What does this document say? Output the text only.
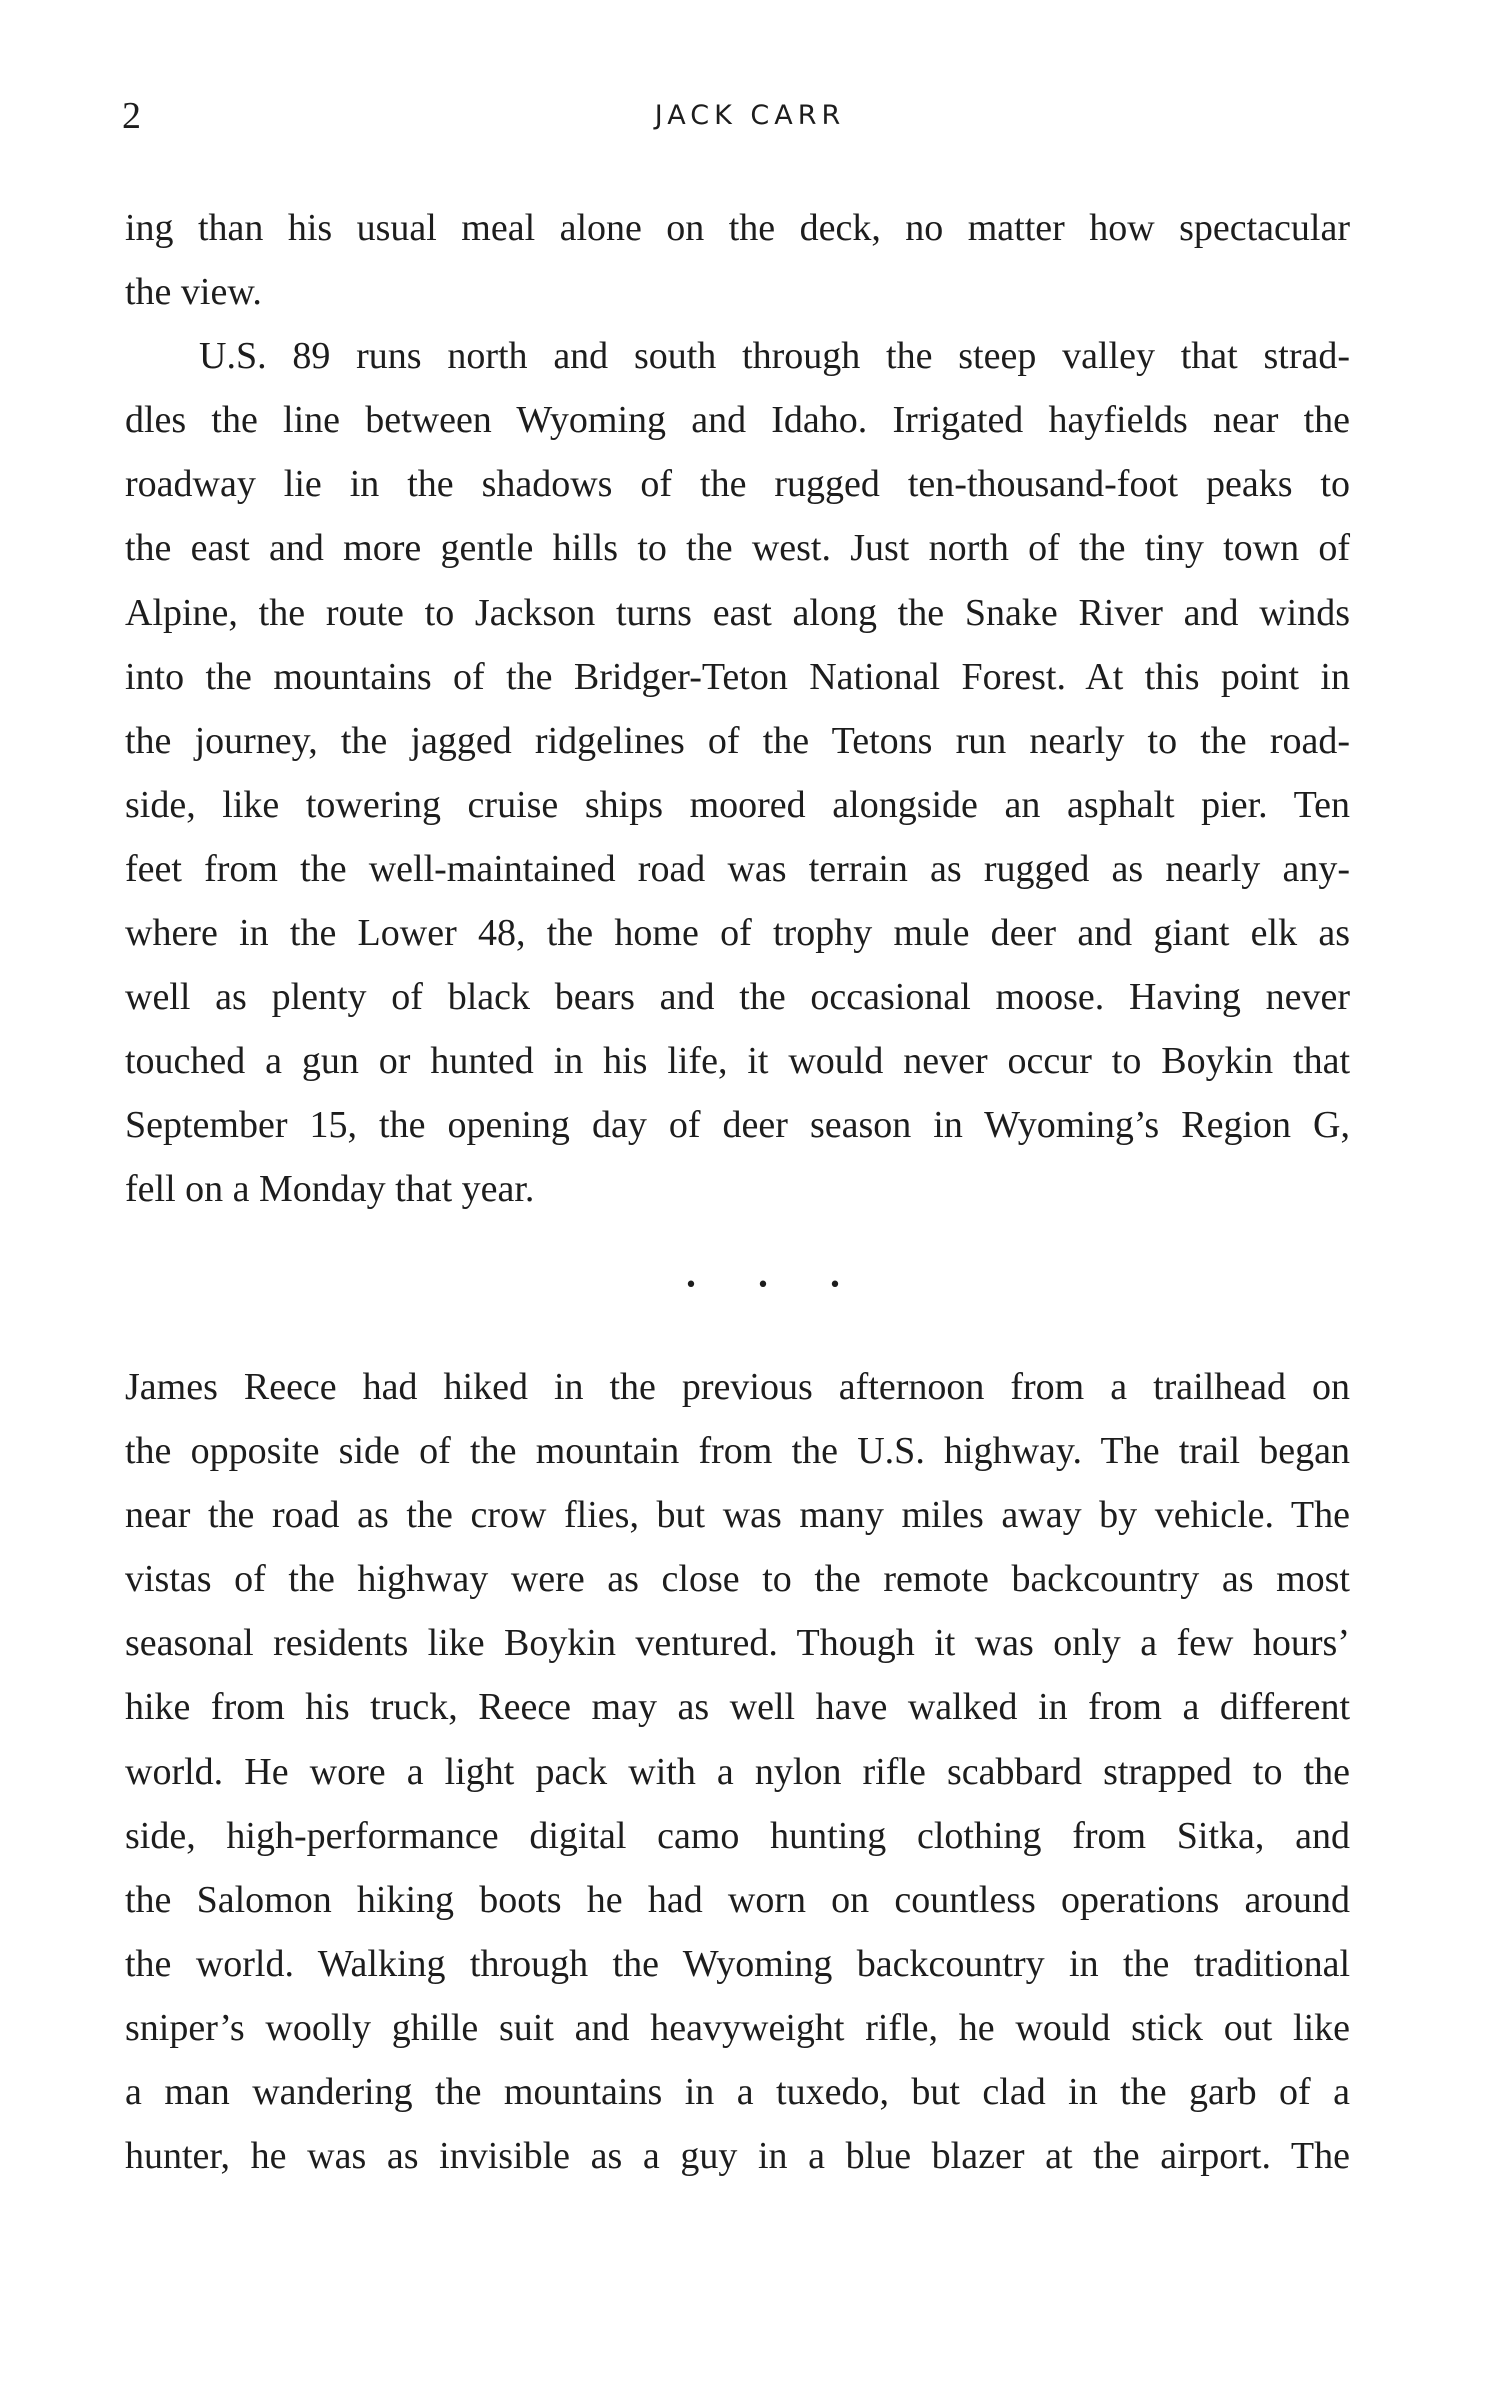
2	JACK CARR
ing than his usual meal alone on the deck, no matter how spectacular
the view.
U.S. 89 runs north and south through the steep valley that strad-
dles the line between Wyoming and Idaho. Irrigated hayfields near the
roadway lie in the shadows of the rugged ten-thousand-foot peaks to
the east and more gentle hills to the west. Just north of the tiny town of
Alpine, the route to Jackson turns east along the Snake River and winds
into the mountains of the Bridger-Teton National Forest. At this point in
the journey, the jagged ridgelines of the Tetons run nearly to the road-
side, like towering cruise ships moored alongside an asphalt pier. Ten
feet from the well-maintained road was terrain as rugged as nearly any-
where in the Lower 48, the home of trophy mule deer and giant elk as
well as plenty of black bears and the occasional moose. Having never
touched a gun or hunted in his life, it would never occur to Boykin that
September 15, the opening day of deer season in Wyoming’s Region G,
fell on a Monday that year.
• • •
James Reece had hiked in the previous afternoon from a trailhead on
the opposite side of the mountain from the U.S. highway. The trail began
near the road as the crow flies, but was many miles away by vehicle. The
vistas of the highway were as close to the remote backcountry as most
seasonal residents like Boykin ventured. Though it was only a few hours’
hike from his truck, Reece may as well have walked in from a different
world. He wore a light pack with a nylon rifle scabbard strapped to the
side, high-performance digital camo hunting clothing from Sitka, and
the Salomon hiking boots he had worn on countless operations around
the world. Walking through the Wyoming backcountry in the traditional
sniper’s woolly ghille suit and heavyweight rifle, he would stick out like
a man wandering the mountains in a tuxedo, but clad in the garb of a
hunter, he was as invisible as a guy in a blue blazer at the airport. The
